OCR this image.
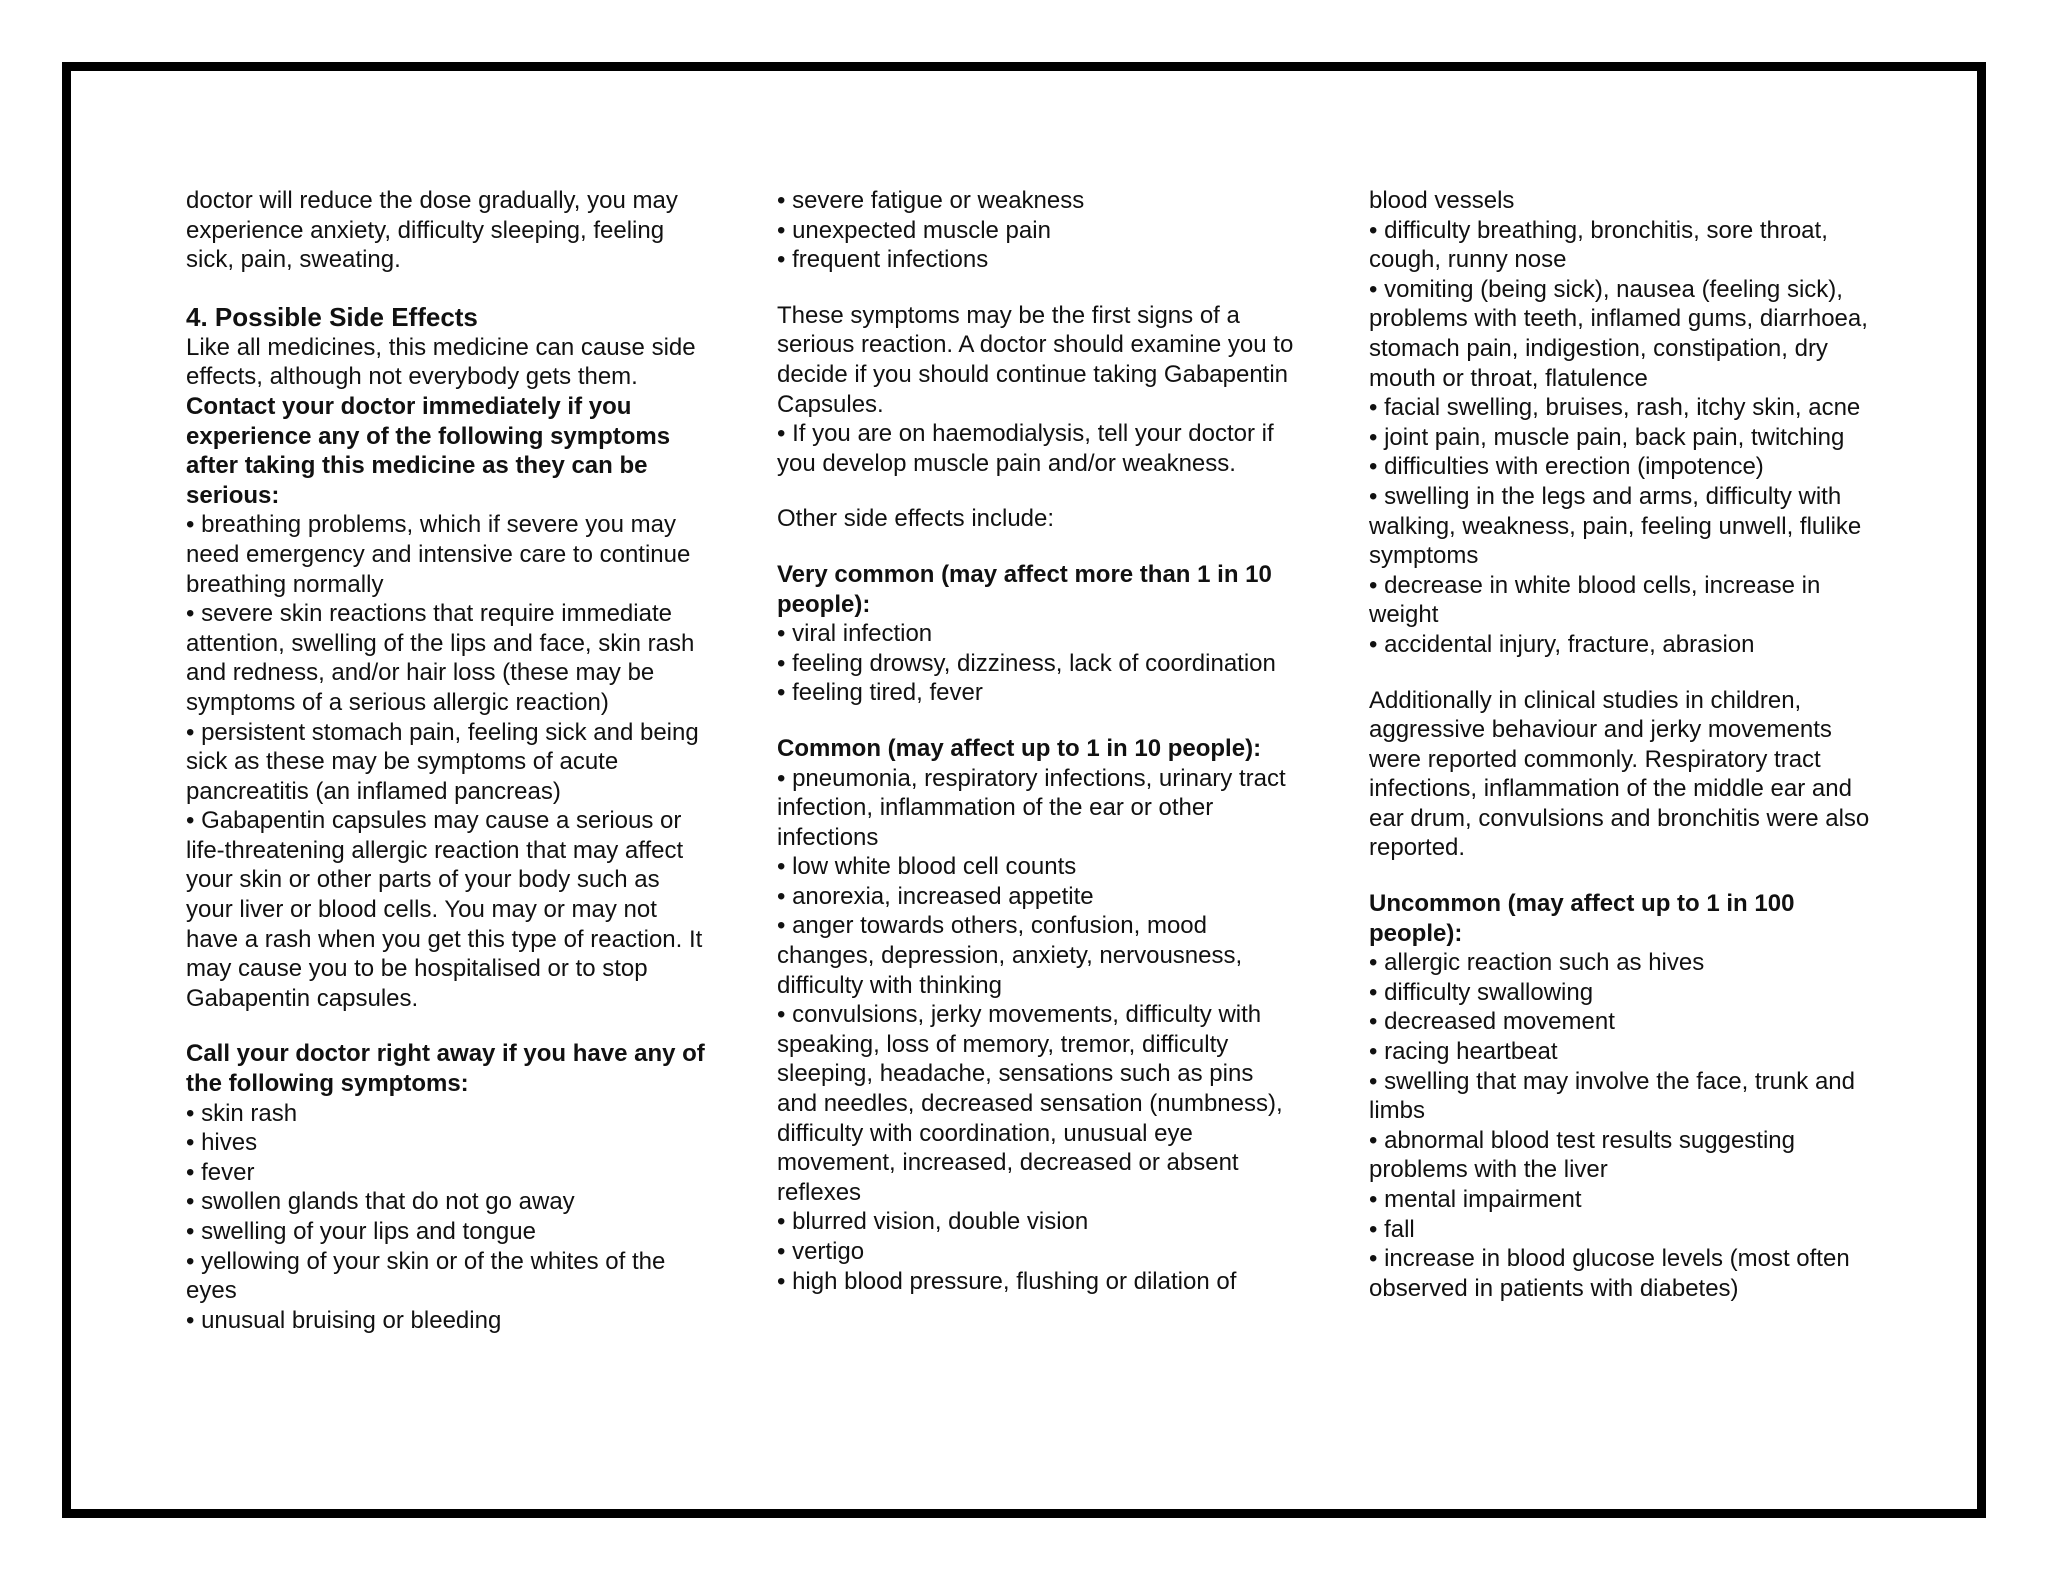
doctor will reduce the dose gradually, you may experience anxiety, difficulty sleeping, feeling sick, pain, sweating.

4. Possible Side Effects

Like all medicines, this medicine can cause side effects, although not everybody gets them.

Contact your doctor immediately if you experience any of the following symptoms after taking this medicine as they can be serious:

• breathing problems, which if severe you may need emergency and intensive care to continue breathing normally
• severe skin reactions that require immediate attention, swelling of the lips and face, skin rash and redness, and/or hair loss (these may be symptoms of a serious allergic reaction)
• persistent stomach pain, feeling sick and being sick as these may be symptoms of acute pancreatitis (an inflamed pancreas)
• Gabapentin capsules may cause a serious or life-threatening allergic reaction that may affect your skin or other parts of your body such as your liver or blood cells. You may or may not have a rash when you get this type of reaction. It may cause you to be hospitalised or to stop Gabapentin capsules.

Call your doctor right away if you have any of the following symptoms:

• skin rash
• hives
• fever
• swollen glands that do not go away
• swelling of your lips and tongue
• yellowing of your skin or of the whites of the eyes
• unusual bruising or bleeding
• severe fatigue or weakness
• unexpected muscle pain
• frequent infections

These symptoms may be the first signs of a serious reaction. A doctor should examine you to decide if you should continue taking Gabapentin Capsules.

• If you are on haemodialysis, tell your doctor if you develop muscle pain and/or weakness.

Other side effects include:

Very common (may affect more than 1 in 10 people):

• viral infection
• feeling drowsy, dizziness, lack of coordination
• feeling tired, fever

Common (may affect up to 1 in 10 people):

• pneumonia, respiratory infections, urinary tract infection, inflammation of the ear or other infections
• low white blood cell counts
• anorexia, increased appetite
• anger towards others, confusion, mood changes, depression, anxiety, nervousness, difficulty with thinking
• convulsions, jerky movements, difficulty with speaking, loss of memory, tremor, difficulty sleeping, headache, sensations such as pins and needles, decreased sensation (numbness), difficulty with coordination, unusual eye movement, increased, decreased or absent reflexes
• blurred vision, double vision
• vertigo
• high blood pressure, flushing or dilation of

blood vessels

• difficulty breathing, bronchitis, sore throat, cough, runny nose
• vomiting (being sick), nausea (feeling sick), problems with teeth, inflamed gums, diarrhoea, stomach pain, indigestion, constipation, dry mouth or throat, flatulence
• facial swelling, bruises, rash, itchy skin, acne
• joint pain, muscle pain, back pain, twitching
• difficulties with erection (impotence)
• swelling in the legs and arms, difficulty with walking, weakness, pain, feeling unwell, flulike symptoms
• decrease in white blood cells, increase in weight
• accidental injury, fracture, abrasion

Additionally in clinical studies in children, aggressive behaviour and jerky movements were reported commonly. Respiratory tract infections, inflammation of the middle ear and ear drum, convulsions and bronchitis were also reported.

Uncommon (may affect up to 1 in 100 people):

• allergic reaction such as hives
• difficulty swallowing
• decreased movement
• racing heartbeat
• swelling that may involve the face, trunk and limbs
• abnormal blood test results suggesting problems with the liver
• mental impairment
• fall
• increase in blood glucose levels (most often observed in patients with diabetes)
